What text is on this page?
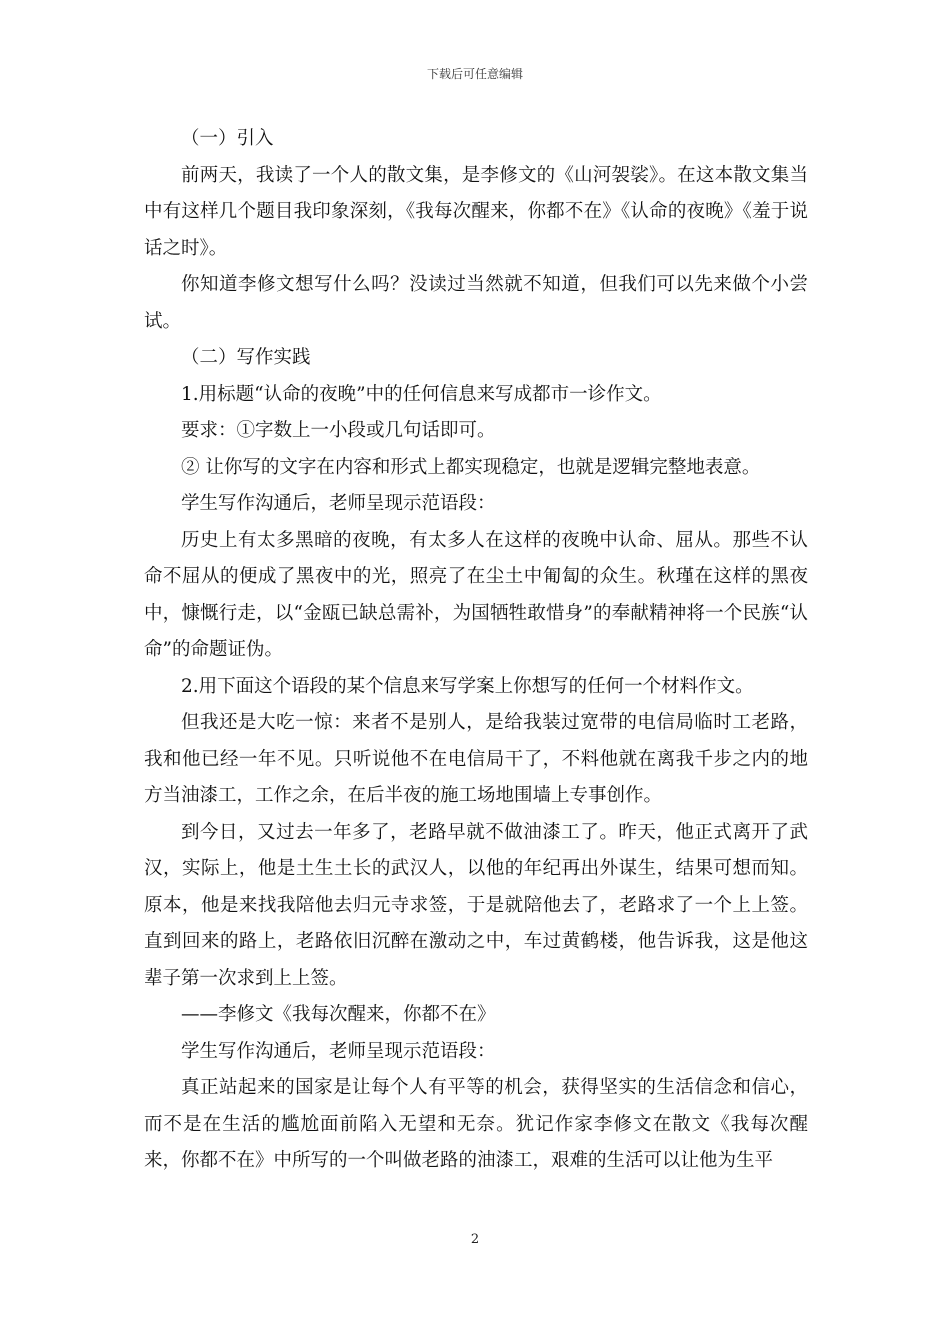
下载后可任意编辑

（一）引入

前两天，我读了一个人的散文集，是李修文的《山河袈裟》。在这本散文集当中有这样几个题目我印象深刻，《我每次醒来，你都不在》《认命的夜晚》《羞于说话之时》。

你知道李修文想写什么吗？没读过当然就不知道，但我们可以先来做个小尝试。

（二）写作实践

1.用标题“认命的夜晚”中的任何信息来写成都市一诊作文。

要求：①字数上一小段或几句话即可。

② 让你写的文字在内容和形式上都实现稳定，也就是逻辑完整地表意。

学生写作沟通后，老师呈现示范语段：

历史上有太多黑暗的夜晚，有太多人在这样的夜晚中认命、屈从。那些不认命不屈从的便成了黑夜中的光，照亮了在尘土中匍匐的众生。秋瑾在这样的黑夜中，慷慨行走，以“金瓯已缺总需补，为国牺牲敢惜身”的奉献精神将一个民族“认命”的命题证伪。

2.用下面这个语段的某个信息来写学案上你想写的任何一个材料作文。

但我还是大吃一惊：来者不是别人，是给我装过宽带的电信局临时工老路，我和他已经一年不见。只听说他不在电信局干了，不料他就在离我千步之内的地方当油漆工，工作之余，在后半夜的施工场地围墙上专事创作。

到今日，又过去一年多了，老路早就不做油漆工了。昨天，他正式离开了武汉，实际上，他是土生土长的武汉人，以他的年纪再出外谋生，结果可想而知。原本，他是来找我陪他去归元寺求签，于是就陪他去了，老路求了一个上上签。直到回来的路上，老路依旧沉醉在激动之中，车过黄鹤楼，他告诉我，这是他这辈子第一次求到上上签。

——李修文《我每次醒来，你都不在》

学生写作沟通后，老师呈现示范语段：

真正站起来的国家是让每个人有平等的机会，获得坚实的生活信念和信心，而不是在生活的尴尬面前陷入无望和无奈。犹记作家李修文在散文《我每次醒来，你都不在》中所写的一个叫做老路的油漆工，艰难的生活可以让他为生平

2
